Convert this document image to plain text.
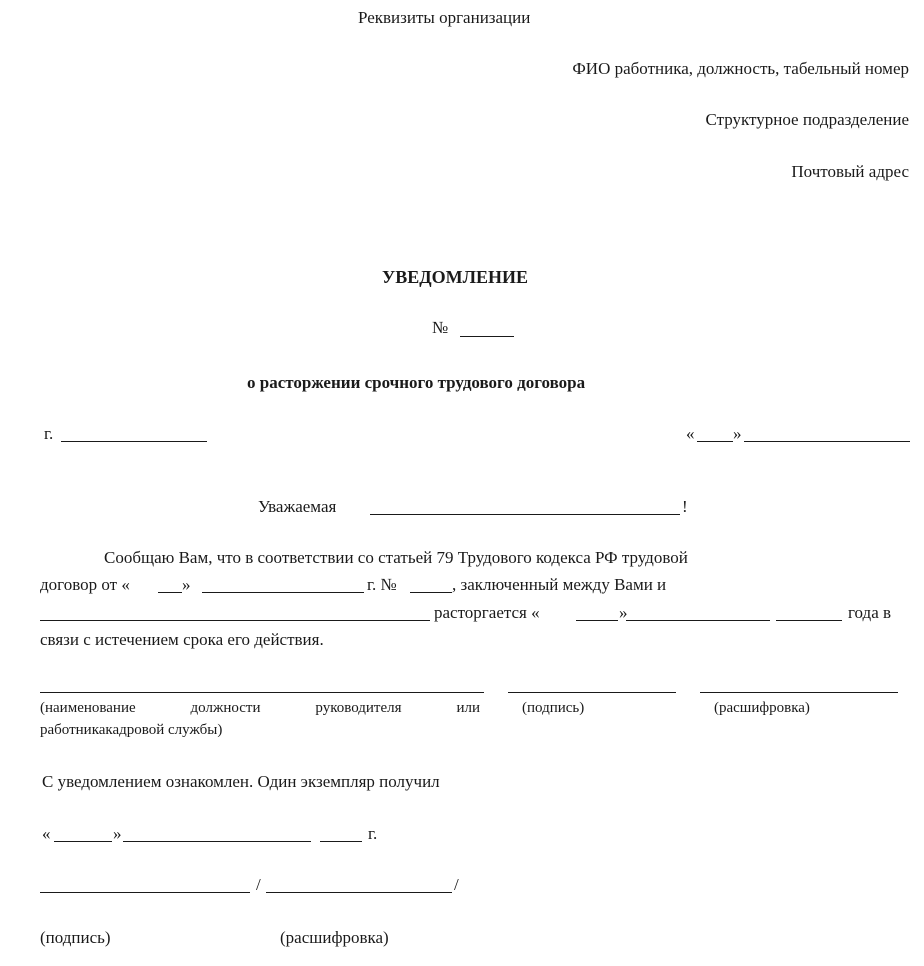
Реквизиты организации
ФИО работника, должность, табельный номер
Структурное подразделение
Почтовый адрес
УВЕДОМЛЕНИЕ
№
о расторжении срочного трудового договора
г.	« »
Уважаемая	!
Сообщаю Вам, что в соответствии со статьей 79 Трудового кодекса РФ трудовой
договор от «	»	г. №	, заключенный между Вами и
расторгается «	»	года в
связи с истечением срока его действия.
(наименование	должности	руководителя	или
работникакадровой службы)
(подпись)	(расшифровка)
С уведомлением ознакомлен. Один экземпляр получил
«	»	г.
/	/
(подпись)	(расшифровка)
